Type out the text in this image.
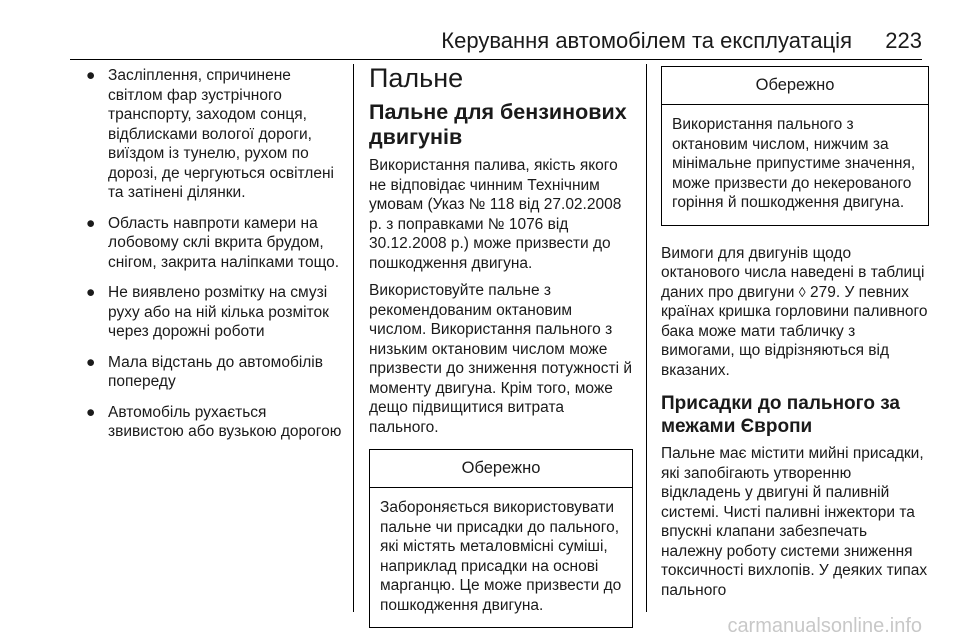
Керування автомобілем та експлуатація 223
● Засліплення, спричинене світлом фар зустрічного транспорту, заходом сонця, відблисками вологої дороги, виїздом із тунелю, рухом по дорозі, де чергуються освітлені та затінені ділянки.
● Область навпроти камери на лобовому склі вкрита брудом, снігом, закрита наліпками тощо.
● Не виявлено розмітку на смузі руху або на ній кілька розміток через дорожні роботи
● Мала відстань до автомобілів попереду
● Автомобіль рухається звивистою або вузькою дорогою
Пальне
Пальне для бензинових двигунів

Використання палива, якість якого не відповідає чинним Технічним умовам (Указ № 118 від 27.02.2008 р. з поправками № 1076 від 30.12.2008 р.) може призвести до пошкодження двигуна.

Використовуйте пальне з рекомендованим октановим числом. Використання пального з низьким октановим числом може призвести до зниження потужності й моменту двигуна. Крім того, може дещо підвищитися витрата пального.

Обережно
Забороняється використовувати пальне чи присадки до пального, які містять металовмісні суміші, наприклад присадки на основі марганцю. Це може призвести до пошкодження двигуна.
Обережно
Використання пального з октановим числом, нижчим за мінімальне припустиме значення, може призвести до некерованого горіння й пошкодження двигуна.

Вимоги для двигунів щодо октанового числа наведені в таблиці даних про двигуни ◊ 279. У певних країнах кришка горловини паливного бака може мати табличку з вимогами, що відрізняються від вказаних.

Присадки до пального за межами Європи

Пальне має містити мийні присадки, які запобігають утворенню відкладень у двигуні й паливній системі. Чисті паливні інжектори та впускні клапани забезпечать належну роботу системи зниження токсичності вихлопів. У деяких типах пального

carmanualsonline.info
